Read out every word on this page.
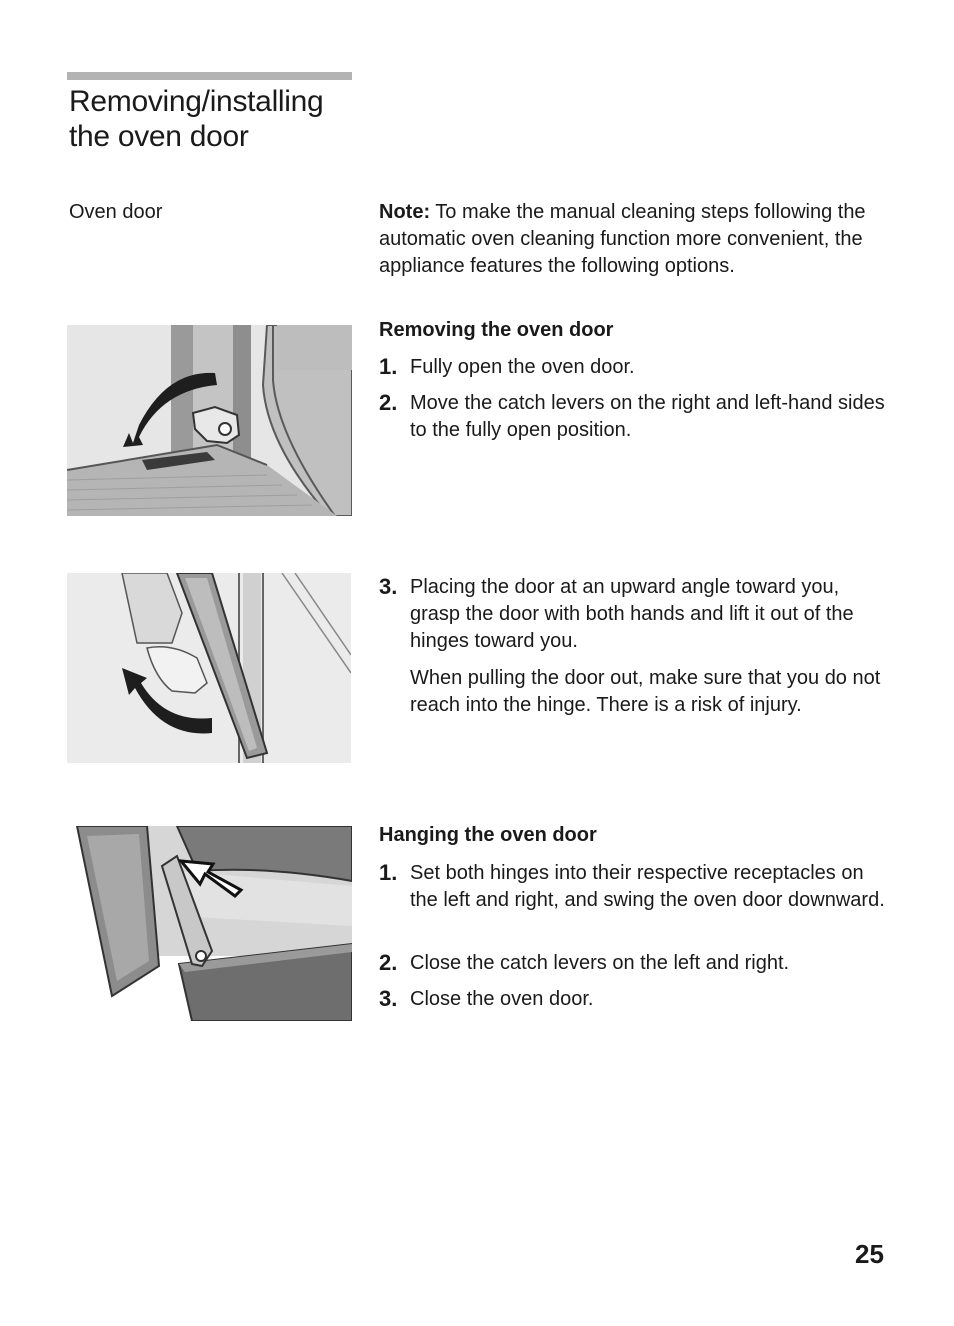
Removing/installing
the oven door
Oven door	Note: To make the manual cleaning steps following the automatic oven cleaning function more convenient, the appliance features the following options.
Removing the oven door
1. Fully open the oven door.
2. Move the catch levers on the right and left-hand sides to the fully open position.
3. Placing the door at an upward angle toward you, grasp the door with both hands and lift it out of the hinges toward you.
When pulling the door out, make sure that you do not reach into the hinge. There is a risk of injury.
Hanging the oven door
1. Set both hinges into their respective receptacles on the left and right, and swing the oven door downward.
2. Close the catch levers on the left and right.
3. Close the oven door.
25
